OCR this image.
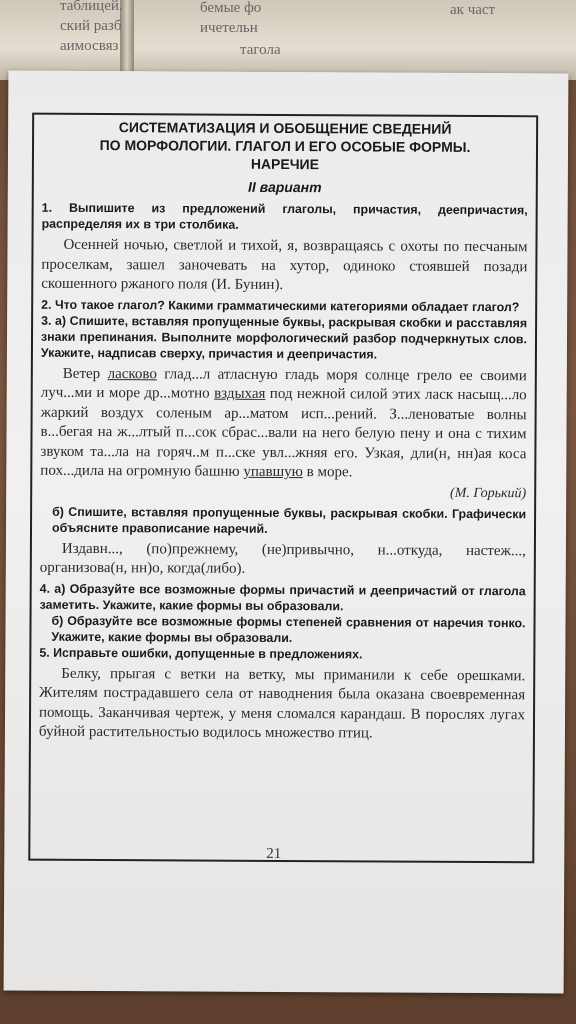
бемые фо
ичетельн
тагола
ак част
аимосвяз
ский разб
таблицей.

СИСТЕМАТИЗАЦИЯ И ОБОБЩЕНИЕ СВЕДЕНИЙ

ПО МОРФОЛОГИИ. ГЛАГОЛ И ЕГО ОСОБЫЕ ФОРМЫ.

НАРЕЧИЕ

II вариант

1. Выпишите из предложений глаголы, причастия, деепричастия, распределяя их в три столбика.

Осенней ночью, светлой и тихой, я, возвращаясь с охоты по песчаным проселкам, зашел заночевать на хутор, одиноко стоявшей позади скошенного ржаного поля (И. Бунин).

2. Что такое глагол? Какими грамматическими категориями обладает глагол?

3. а) Спишите, вставляя пропущенные буквы, раскрывая скобки и расставляя знаки препинания. Выполните морфологический разбор подчеркнутых слов. Укажите, надписав сверху, причастия и деепричастия.

Ветер ласково глад...л атласную гладь моря солнце грело ее своими луч...ми и море др...мотно вздыхая под нежной силой этих ласк насыщ...ло жаркий воздух соленым ар...матом исп...рений. З...леноватые волны в...бегая на ж...лтый п...сок сбрас...вали на него белую пену и она с тихим звуком та...ла на горяч..м п...ске увл...жняя его. Узкая, дли(н, нн)ая коса пох...дила на огромную башню упавшую в море.

(М. Горький)

б) Спишите, вставляя пропущенные буквы, раскрывая скобки. Графически объясните правописание наречий.

Издавн..., (по)прежнему, (не)привычно, н...откуда, настеж..., организова(н, нн)о, когда(либо).

4. а) Образуйте все возможные формы причастий и деепричастий от глагола заметить. Укажите, какие формы вы образовали.

б) Образуйте все возможные формы степеней сравнения от наречия тонко. Укажите, какие формы вы образовали.

5. Исправьте ошибки, допущенные в предложениях.

Белку, прыгая с ветки на ветку, мы приманили к себе орешками. Жителям пострадавшего села от наводнения была оказана своевременная помощь. Заканчивая чертеж, у меня сломался карандаш. В порослях лугах буйной растительностью водилось множество птиц.

21
